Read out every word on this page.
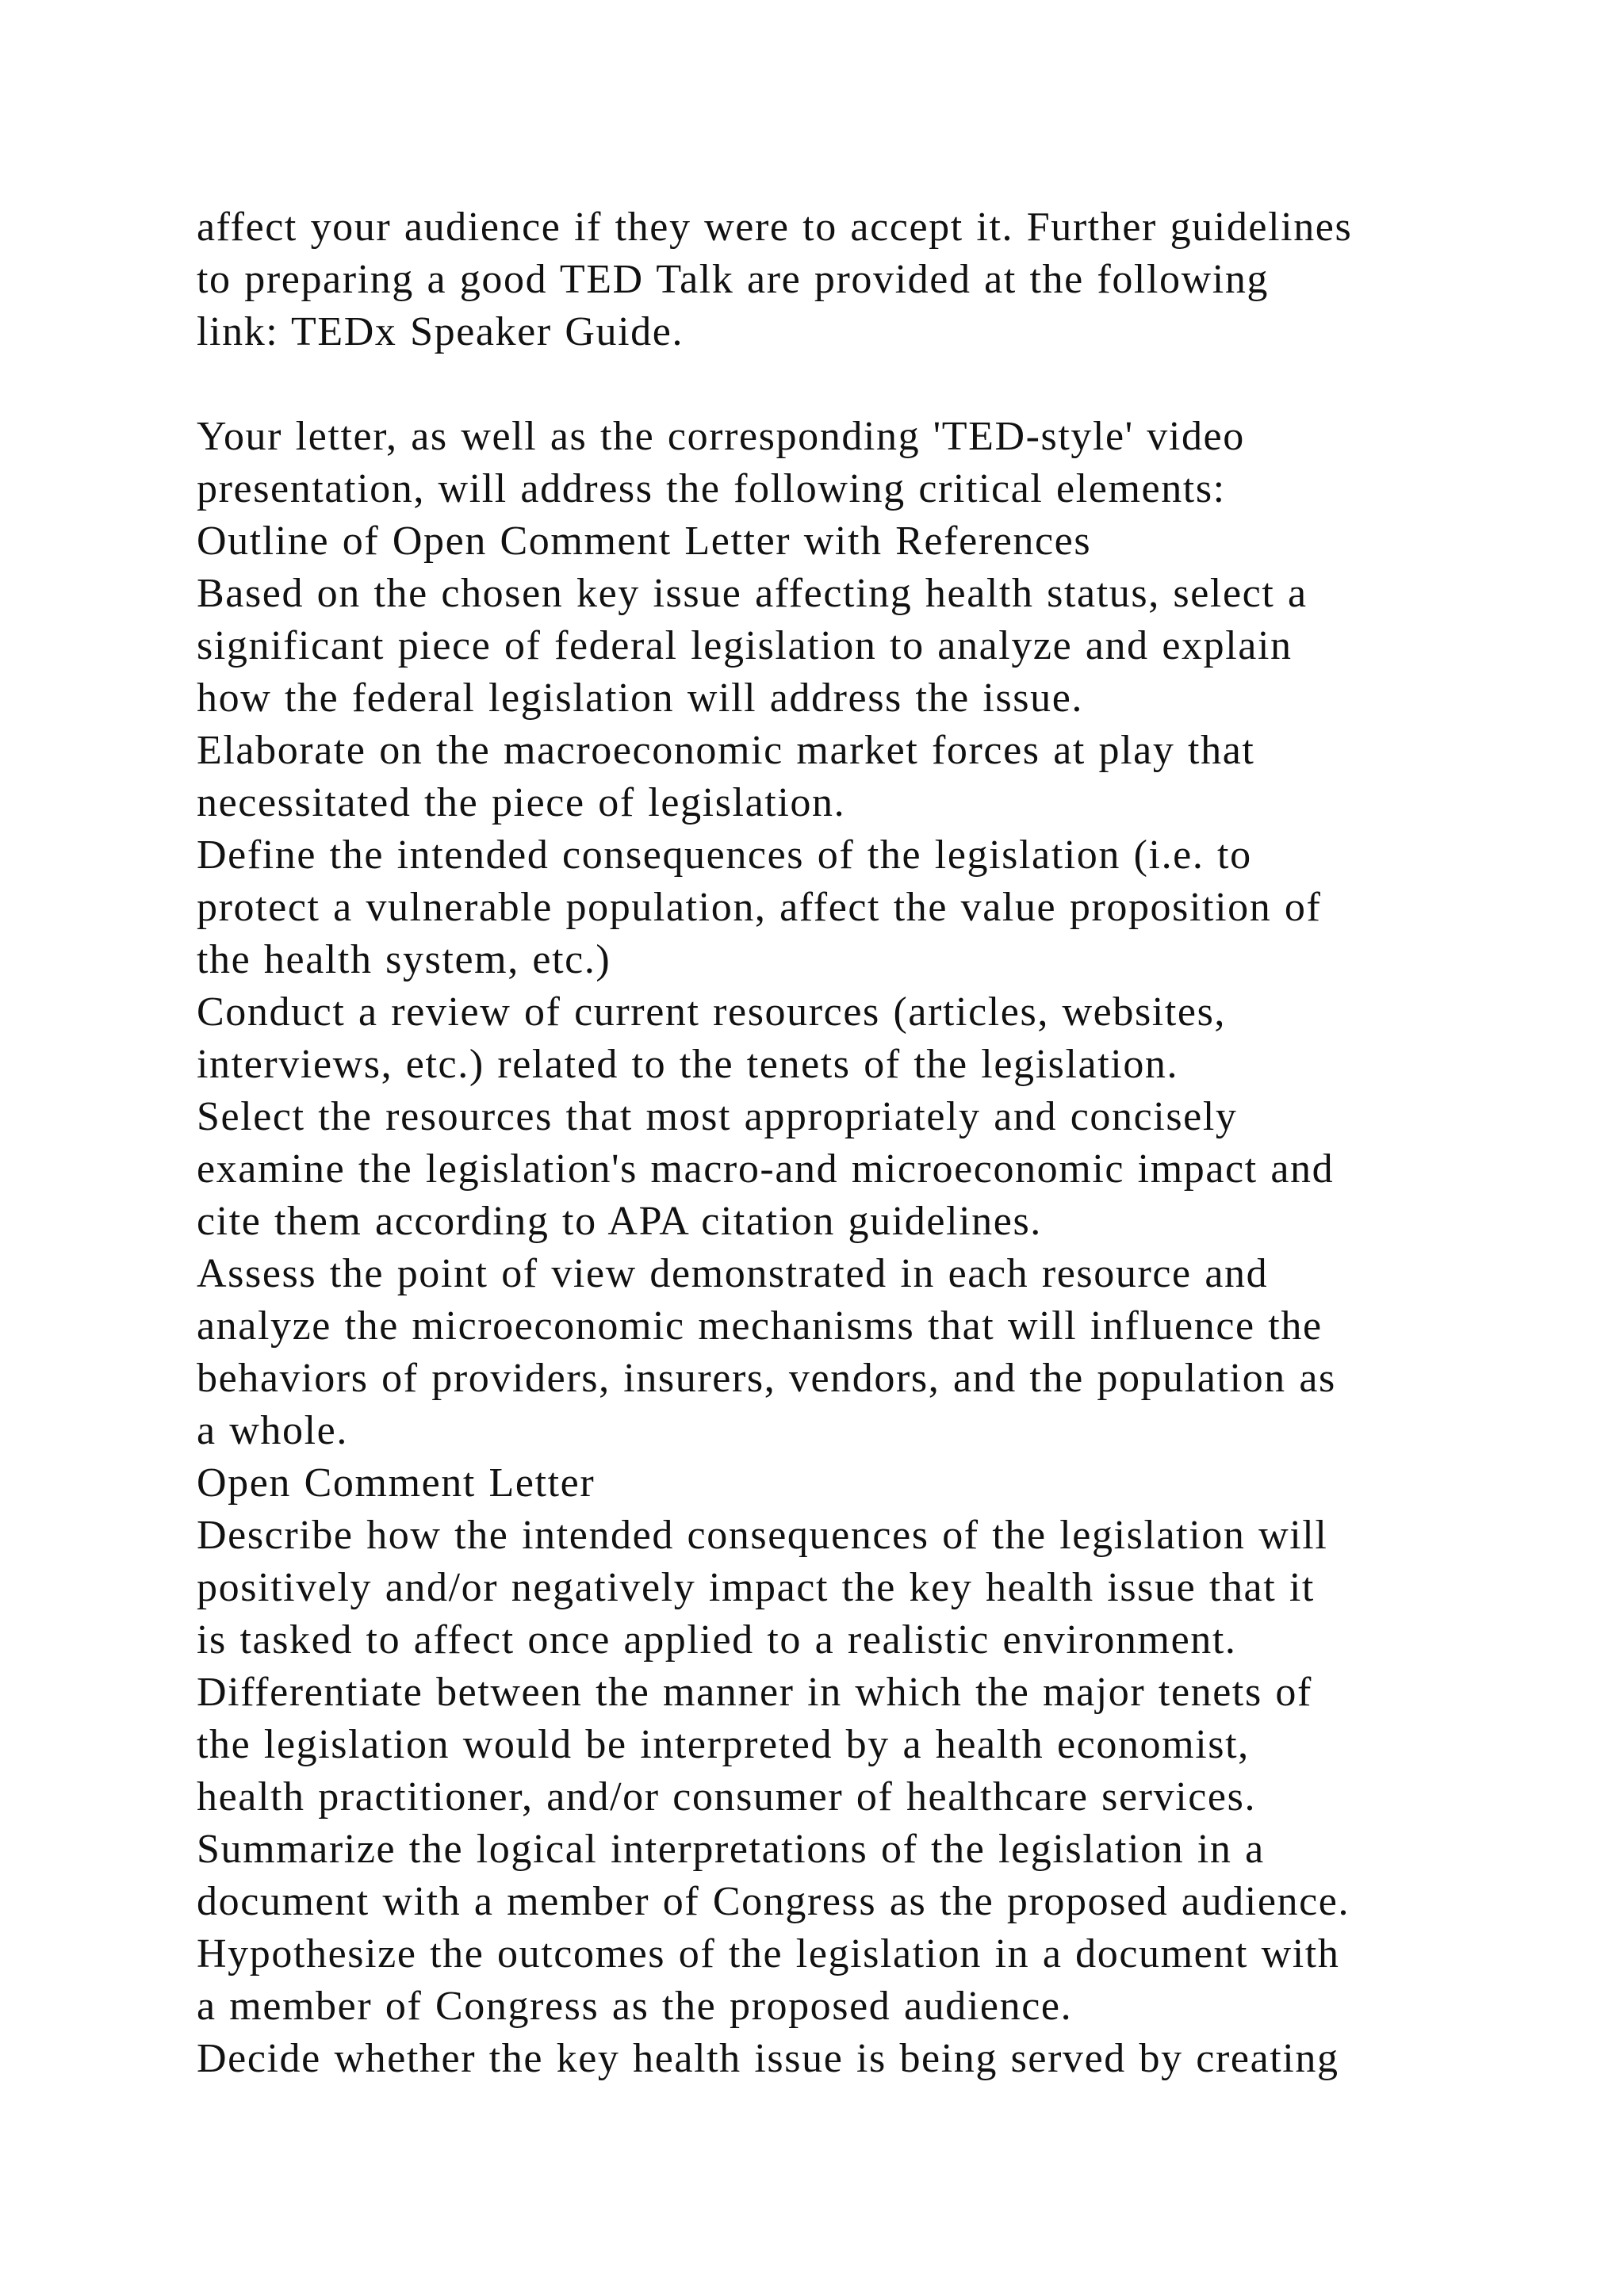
affect your audience if they were to accept it. Further guidelines
to preparing a good TED Talk are provided at the following
link: TEDx Speaker Guide.
Your letter, as well as the corresponding 'TED-style' video
presentation, will address the following critical elements:
Outline of Open Comment Letter with References
Based on the chosen key issue affecting health status, select a
significant piece of federal legislation to analyze and explain
how the federal legislation will address the issue.
Elaborate on the macroeconomic market forces at play that
necessitated the piece of legislation.
Define the intended consequences of the legislation (i.e. to
protect a vulnerable population, affect the value proposition of
the health system, etc.)
Conduct a review of current resources (articles, websites,
interviews, etc.) related to the tenets of the legislation.
Select the resources that most appropriately and concisely
examine the legislation's macro-and microeconomic impact and
cite them according to APA citation guidelines.
Assess the point of view demonstrated in each resource and
analyze the microeconomic mechanisms that will influence the
behaviors of providers, insurers, vendors, and the population as
a whole.
Open Comment Letter
Describe how the intended consequences of the legislation will
positively and/or negatively impact the key health issue that it
is tasked to affect once applied to a realistic environment.
Differentiate between the manner in which the major tenets of
the legislation would be interpreted by a health economist,
health practitioner, and/or consumer of healthcare services.
Summarize the logical interpretations of the legislation in a
document with a member of Congress as the proposed audience.
Hypothesize the outcomes of the legislation in a document with
a member of Congress as the proposed audience.
Decide whether the key health issue is being served by creating
